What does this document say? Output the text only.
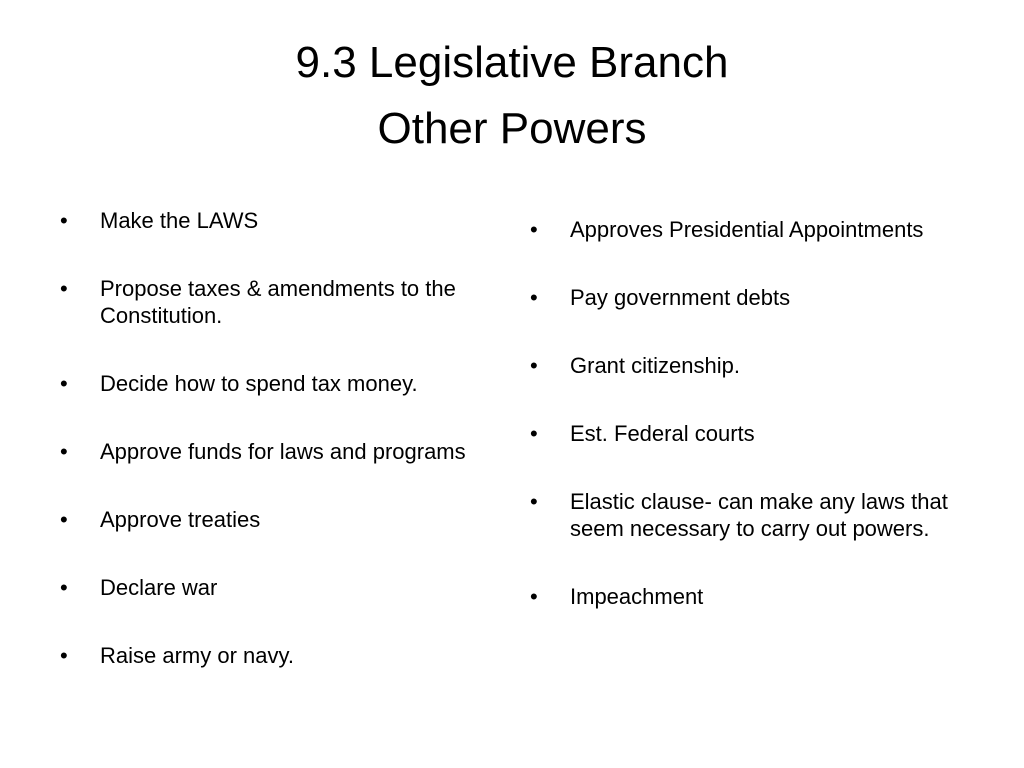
9.3 Legislative Branch
Other Powers
•	Make the LAWS
•	Propose taxes & amendments to the Constitution.
•	Decide how to spend tax money.
•	Approve funds for laws and programs
•	Approve treaties
•	Declare war
•	Raise army or navy.
•	Approves Presidential Appointments
•	Pay government debts
•	Grant citizenship.
•	Est. Federal courts
•	Elastic clause- can make any laws that seem necessary to carry out powers.
•	Impeachment
